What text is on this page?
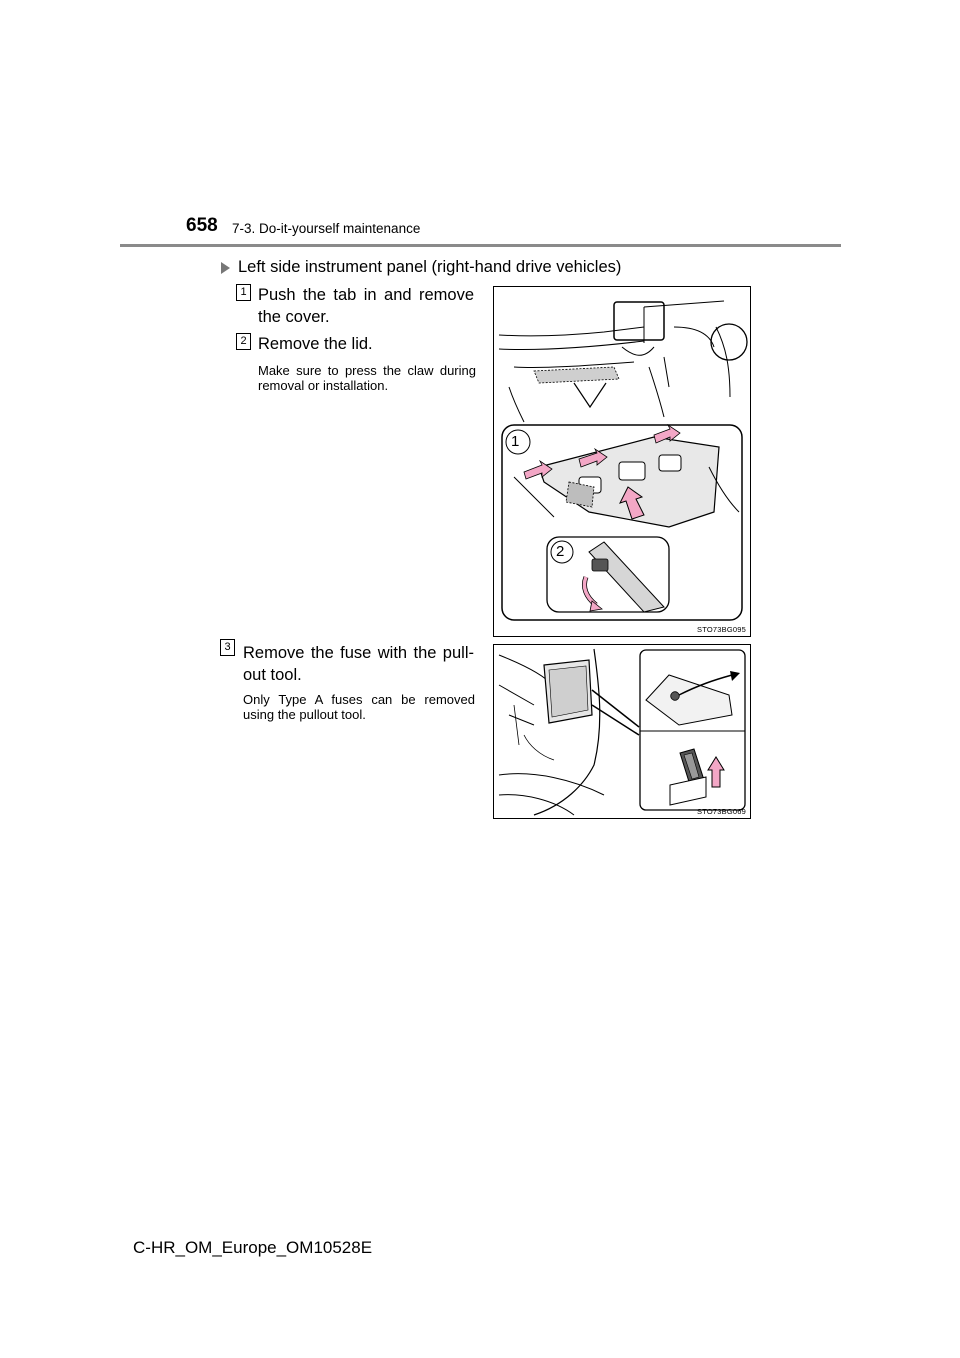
658 7-3. Do-it-yourself maintenance
Left side instrument panel (right-hand drive vehicles)
1 Push the tab in and remove the cover.
2 Remove the lid.
Make sure to press the claw during removal or installation.
1
2
STO73BG095
3 Remove the fuse with the pull-out tool.
Only Type A fuses can be removed using the pullout tool.
STO73BG069
C-HR_OM_Europe_OM10528E
